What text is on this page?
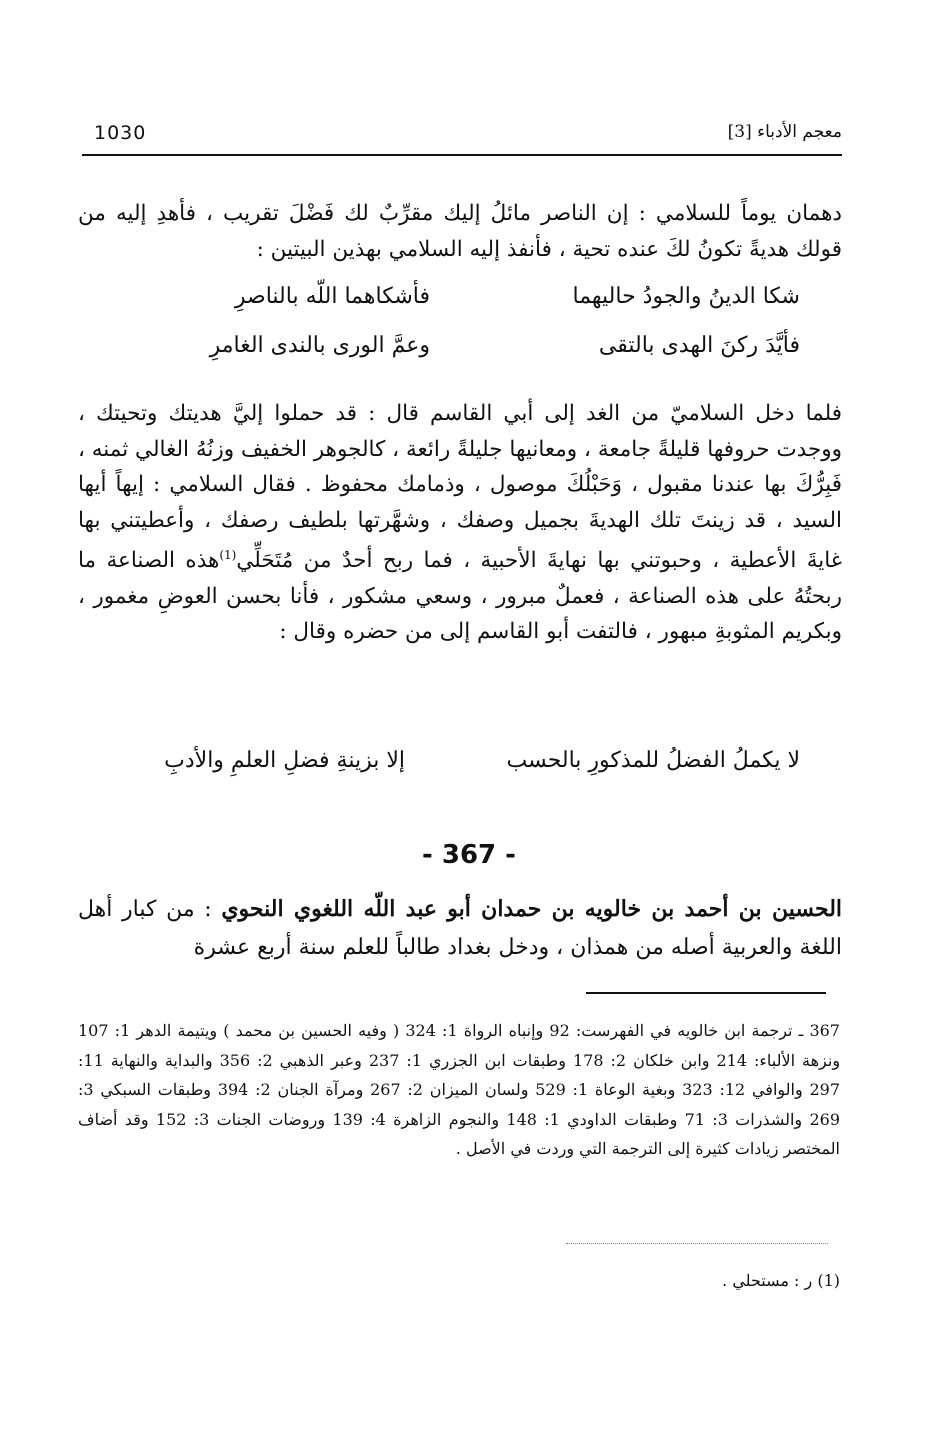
1030	معجم الأدباء [3]
دهمان يوماً للسلامي : إن الناصر مائلُ إليك مقرِّبٌ لك فَضْلَ تقريب ، فأهدِ إليه من قولك هديةً تكونُ لكَ عنده تحية ، فأنفذ إليه السلامي بهذين البيتين :
شكا الدينُ والجودُ حاليهما
فأشكاهما اللّه بالناصرِ
فأيَّدَ ركنَ الهدى بالتقى
وعمَّ الورى بالندى الغامرِ
فلما دخل السلاميّ من الغد إلى أبي القاسم قال : قد حملوا إليَّ هديتك وتحيتك ، ووجدت حروفها قليلةً جامعة ، ومعانيها جليلةً رائعة ، كالجوهر الخفيف وزنُهُ الغالي ثمنه ، فَبِرُّكَ بها عندنا مقبول ، وَحَبْلُكَ موصول ، وذمامك محفوظ . فقال السلامي : إيهاً أيها السيد ، قد زينتَ تلك الهديةَ بجميل وصفك ، وشهَّرتها بلطيف رصفك ، وأعطيتني بها غايةَ الأعطية ، وحبوتني بها نهايةَ الأحبية ، فما ربح أحدٌ من مُتَحَلِّي$^{(1)}$هذه الصناعة ما ربحتُهُ على هذه الصناعة ، فعملٌ مبرور ، وسعي مشكور ، فأنا بحسن العوضِ مغمور ، وبكريم المثوبةِ مبهور ، فالتفت أبو القاسم إلى من حضره وقال :
لا يكملُ الفضلُ للمذكورِ بالحسب
إلا بزينةِ فضلِ العلمِ والأدبِ
- 367 -
الحسين بن أحمد بن خالويه بن حمدان أبو عبد اللّه اللغوي النحوي : من كبار أهل اللغة والعربية أصله من همذان ، ودخل بغداد طالباً للعلم سنة أربع عشرة
367 ـ ترجمة ابن خالويه في الفهرست: 92 وإنباه الرواة 1: 324 ( وفيه الحسين بن محمد ) ويتيمة الدهر 1: 107 ونزهة الألباء: 214 وابن خلكان 2: 178 وطبقات ابن الجزري 1: 237 وعبر الذهبي 2: 356 والبداية والنهاية 11: 297 والوافي 12: 323 وبغية الوعاة 1: 529 ولسان الميزان 2: 267 ومرآة الجنان 2: 394 وطبقات السبكي 3: 269 والشذرات 3: 71 وطبقات الداودي 1: 148 والنجوم الزاهرة 4: 139 وروضات الجنات 3: 152 وقد أضاف المختصر زيادات كثيرة إلى الترجمة التي وردت في الأصل .
(1) ر : مستحلي .
